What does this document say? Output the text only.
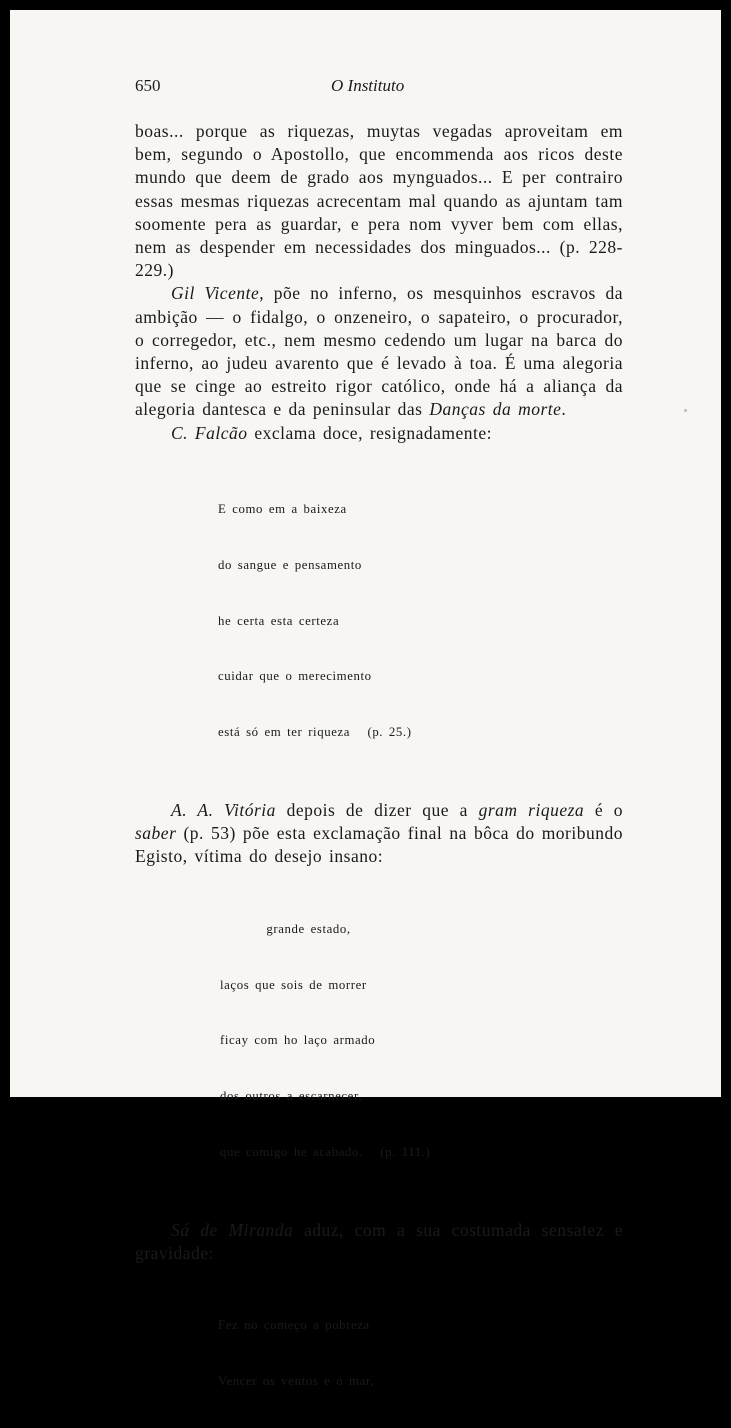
650	O Instituto

boas... porque as riquezas, muytas vegadas aproveitam em bem, segundo o Apostollo, que encommenda aos ricos deste mundo que deem de grado aos mynguados... E per contrairo essas mesmas riquezas acrecentam mal quando as ajuntam tam soomente pera as guardar, e pera nom vyver bem com ellas, nem as despender em necessidades dos minguados... (p. 228-229.)

Gil Vicente, põe no inferno, os mesquinhos escravos da ambição — o fidalgo, o onzeneiro, o sapateiro, o procurador, o corregedor, etc., nem mesmo cedendo um lugar na barca do inferno, ao judeu avarento que é levado à toa. É uma alegoria que se cinge ao estreito rigor católico, onde há a aliança da alegoria dantesca e da peninsular das Danças da morte.

C. Falcão exclama doce, resignadamente:

E como em a baixeza

do sangue e pensamento

he certa esta certeza

cuidar que o merecimento

está só em ter riqueza   (p. 25.)

A. A. Vitória depois de dizer que a gram riqueza é o saber (p. 53) põe esta exclamação final na bôca do moribundo Egisto, vítima do desejo insano:

grande estado,

laços que sois de morrer

ficay com ho laço armado

dos outros a escarnecer,

que comigo he acabado.   (p. 111.)

Sá de Miranda aduz, com a sua costumada sensatez e gravidade:

Fez no começo a pobreza

Vencer os ventos e o mar,
